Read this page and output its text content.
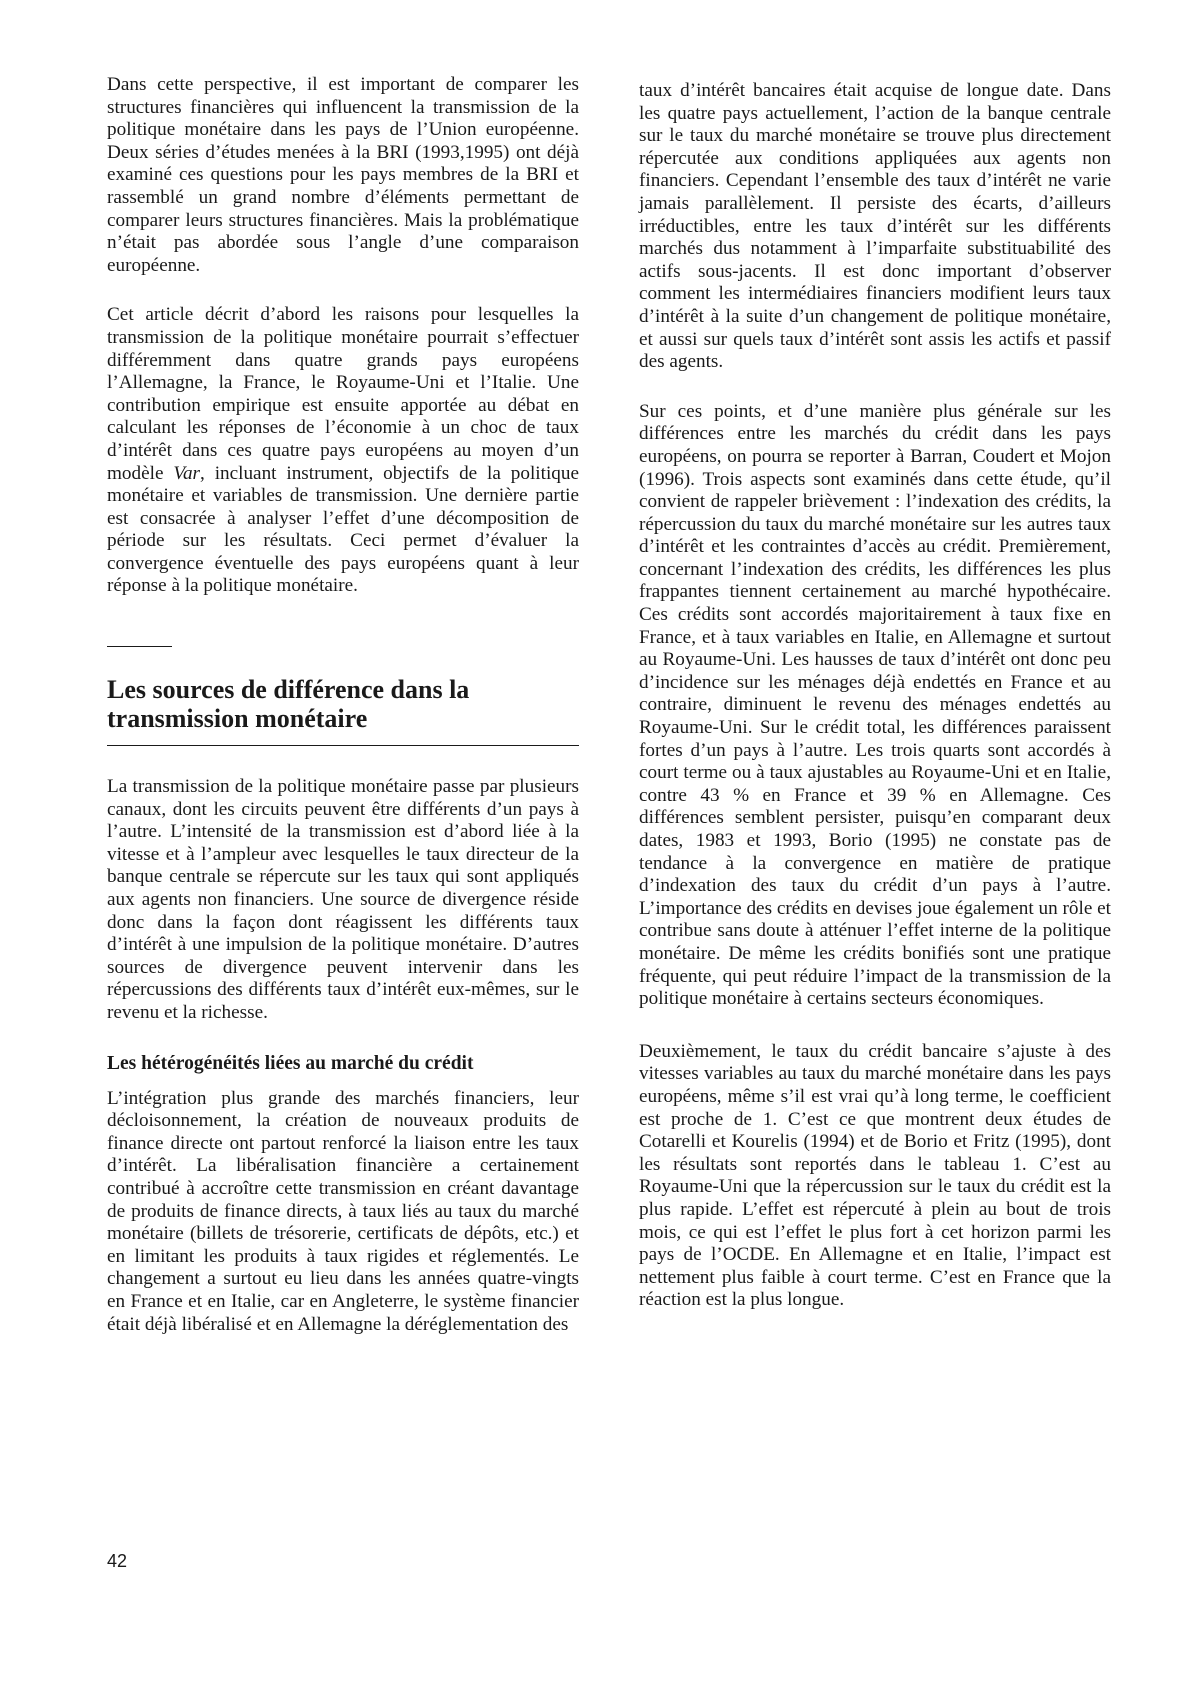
Dans cette perspective, il est important de comparer les structures financières qui influencent la transmission de la politique monétaire dans les pays de l’Union européenne. Deux séries d’études menées à la BRI (1993,1995) ont déjà examiné ces questions pour les pays membres de la BRI et rassemblé un grand nombre d’éléments permettant de comparer leurs structures financières. Mais la problématique n’était pas abordée sous l’angle d’une comparaison européenne.

Cet article décrit d’abord les raisons pour lesquelles la transmission de la politique monétaire pourrait s’effectuer différemment dans quatre grands pays européens l’Allemagne, la France, le Royaume-Uni et l’Italie. Une contribution empirique est ensuite apportée au débat en calculant les réponses de l’économie à un choc de taux d’intérêt dans ces quatre pays européens au moyen d’un modèle Var, incluant instrument, objectifs de la politique monétaire et variables de transmission. Une dernière partie est consacrée à analyser l’effet d’une décomposition de période sur les résultats. Ceci permet d’évaluer la convergence éventuelle des pays européens quant à leur réponse à la politique monétaire.

Les sources de différence dans la
transmission monétaire

La transmission de la politique monétaire passe par plusieurs canaux, dont les circuits peuvent être différents d’un pays à l’autre. L’intensité de la transmission est d’abord liée à la vitesse et à l’ampleur avec lesquelles le taux directeur de la banque centrale se répercute sur les taux qui sont appliqués aux agents non financiers. Une source de divergence réside donc dans la façon dont réagissent les différents taux d’intérêt à une impulsion de la politique monétaire. D’autres sources de divergence peuvent intervenir dans les répercussions des différents taux d’intérêt eux-mêmes, sur le revenu et la richesse.

Les hétérogénéités liées au marché du crédit

L’intégration plus grande des marchés financiers, leur décloisonnement, la création de nouveaux produits de finance directe ont partout renforcé la liaison entre les taux d’intérêt. La libéralisation financière a certainement contribué à accroître cette transmission en créant davantage de produits de finance directs, à taux liés au taux du marché monétaire (billets de trésorerie, certificats de dépôts, etc.) et en limitant les produits à taux rigides et réglementés. Le changement a surtout eu lieu dans les années quatre-vingts en France et en Italie, car en Angleterre, le système financier était déjà libéralisé et en Allemagne la déréglementation des

taux d’intérêt bancaires était acquise de longue date. Dans les quatre pays actuellement, l’action de la banque centrale sur le taux du marché monétaire se trouve plus directement répercutée aux conditions appliquées aux agents non financiers. Cependant l’ensemble des taux d’intérêt ne varie jamais parallèlement. Il persiste des écarts, d’ailleurs irréductibles, entre les taux d’intérêt sur les différents marchés dus notamment à l’imparfaite substituabilité des actifs sous-jacents. Il est donc important d’observer comment les intermédiaires financiers modifient leurs taux d’intérêt à la suite d’un changement de politique monétaire, et aussi sur quels taux d’intérêt sont assis les actifs et passif des agents.

Sur ces points, et d’une manière plus générale sur les différences entre les marchés du crédit dans les pays européens, on pourra se reporter à Barran, Coudert et Mojon (1996). Trois aspects sont examinés dans cette étude, qu’il convient de rappeler brièvement : l’indexation des crédits, la répercussion du taux du marché monétaire sur les autres taux d’intérêt et les contraintes d’accès au crédit. Premièrement, concernant l’indexation des crédits, les différences les plus frappantes tiennent certainement au marché hypothécaire. Ces crédits sont accordés majoritairement à taux fixe en France, et à taux variables en Italie, en Allemagne et surtout au Royaume-Uni. Les hausses de taux d’intérêt ont donc peu d’incidence sur les ménages déjà endettés en France et au contraire, diminuent le revenu des ménages endettés au Royaume-Uni. Sur le crédit total, les différences paraissent fortes d’un pays à l’autre. Les trois quarts sont accordés à court terme ou à taux ajustables au Royaume-Uni et en Italie, contre 43 % en France et 39 % en Allemagne. Ces différences semblent persister, puisqu’en comparant deux dates, 1983 et 1993, Borio (1995) ne constate pas de tendance à la convergence en matière de pratique d’indexation des taux du crédit d’un pays à l’autre. L’importance des crédits en devises joue également un rôle et contribue sans doute à atténuer l’effet interne de la politique monétaire. De même les crédits bonifiés sont une pratique fréquente, qui peut réduire l’impact de la transmission de la politique monétaire à certains secteurs économiques.

Deuxièmement, le taux du crédit bancaire s’ajuste à des vitesses variables au taux du marché monétaire dans les pays européens, même s’il est vrai qu’à long terme, le coefficient est proche de 1. C’est ce que montrent deux études de Cotarelli et Kourelis (1994) et de Borio et Fritz (1995), dont les résultats sont reportés dans le tableau 1. C’est au Royaume-Uni que la répercussion sur le taux du crédit est la plus rapide. L’effet est répercuté à plein au bout de trois mois, ce qui est l’effet le plus fort à cet horizon parmi les pays de l’OCDE. En Allemagne et en Italie, l’impact est nettement plus faible à court terme. C’est en France que la réaction est la plus longue.

42
